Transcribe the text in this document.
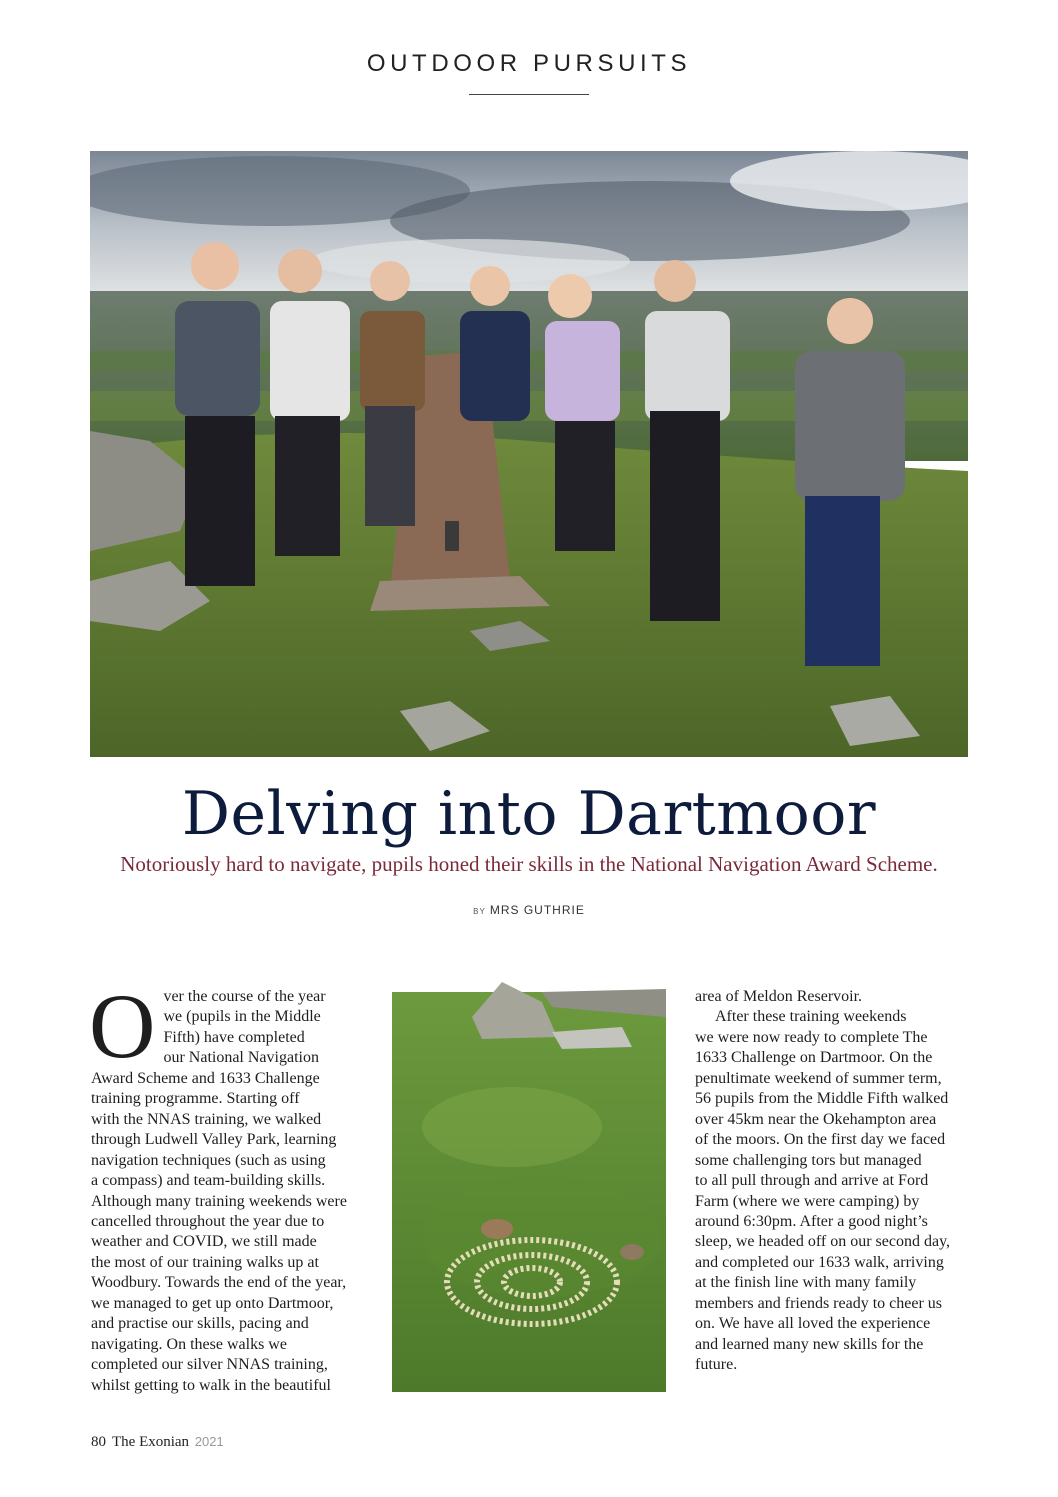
OUTDOOR PURSUITS
Delving into Dartmoor
Notoriously hard to navigate, pupils honed their skills in the National Navigation Award Scheme.
BY MRS GUTHRIE
O ver the course of the year
we (pupils in the Middle
Fifth) have completed
our National Navigation
Award Scheme and 1633 Challenge
training programme. Starting off
with the NNAS training, we walked
through Ludwell Valley Park, learning
navigation techniques (such as using
a compass) and team-building skills.
Although many training weekends were
cancelled throughout the year due to
weather and COVID, we still made
the most of our training walks up at
Woodbury. Towards the end of the year,
we managed to get up onto Dartmoor,
and practise our skills, pacing and
navigating. On these walks we
completed our silver NNAS training,
whilst getting to walk in the beautiful
area of Meldon Reservoir.
After these training weekends
we were now ready to complete The
1633 Challenge on Dartmoor. On the
penultimate weekend of summer term,
56 pupils from the Middle Fifth walked
over 45km near the Okehampton area
of the moors. On the first day we faced
some challenging tors but managed
to all pull through and arrive at Ford
Farm (where we were camping) by
around 6:30pm. After a good night’s
sleep, we headed off on our second day,
and completed our 1633 walk, arriving
at the finish line with many family
members and friends ready to cheer us
on. We have all loved the experience
and learned many new skills for the
future.
80 The Exonian 2021
